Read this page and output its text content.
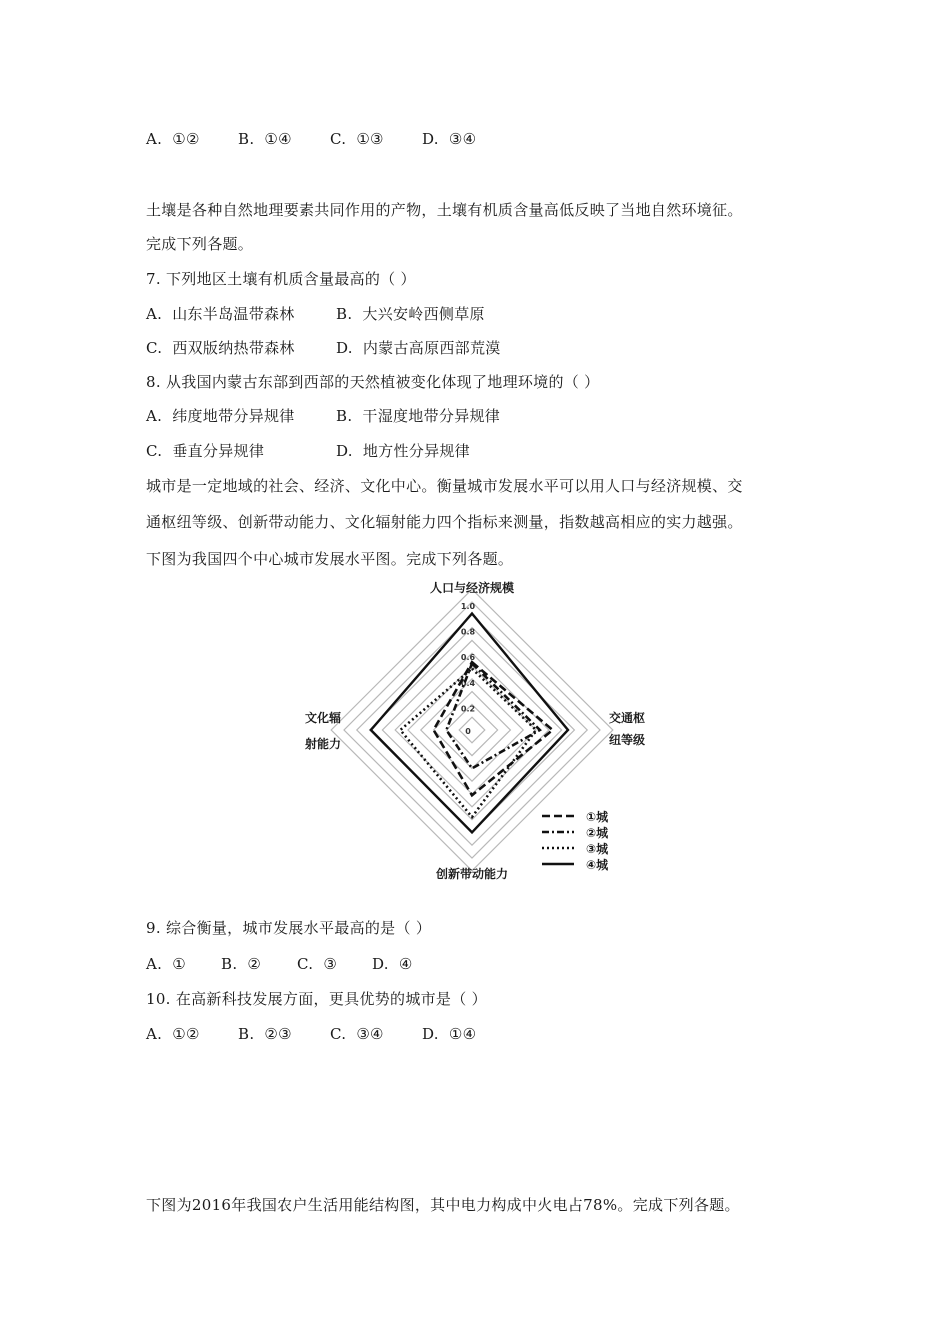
A. ①②	B. ①④	C. ①③	D. ③④
土壤是各种自然地理要素共同作用的产物，土壤有机质含量高低反映了当地自然环境征。
完成下列各题。
7. 下列地区土壤有机质含量最高的（ ）
A. 山东半岛温带森林	B. 大兴安岭西侧草原
C. 西双版纳热带森林	D. 内蒙古高原西部荒漠
8. 从我国内蒙古东部到西部的天然植被变化体现了地理环境的（ ）
A. 纬度地带分异规律	B. 干湿度地带分异规律
C. 垂直分异规律	D. 地方性分异规律
城市是一定地域的社会、经济、文化中心。衡量城市发展水平可以用人口与经济规模、交
通枢纽等级、创新带动能力、文化辐射能力四个指标来测量，指数越高相应的实力越强。
下图为我国四个中心城市发展水平图。完成下列各题。
0
0.2
0.4
0.6
0.8
1.0
人口与经济规模
交通枢
纽等级
创新带动能力
文化辐
射能力
①城
②城
③城
④城
9. 综合衡量，城市发展水平最高的是（ ）
A. ①	B. ②	C. ③	D. ④
10. 在高新科技发展方面，更具优势的城市是（ ）
A. ①②	B. ②③	C. ③④	D. ①④
下图为2016年我国农户生活用能结构图，其中电力构成中火电占78%。完成下列各题。
